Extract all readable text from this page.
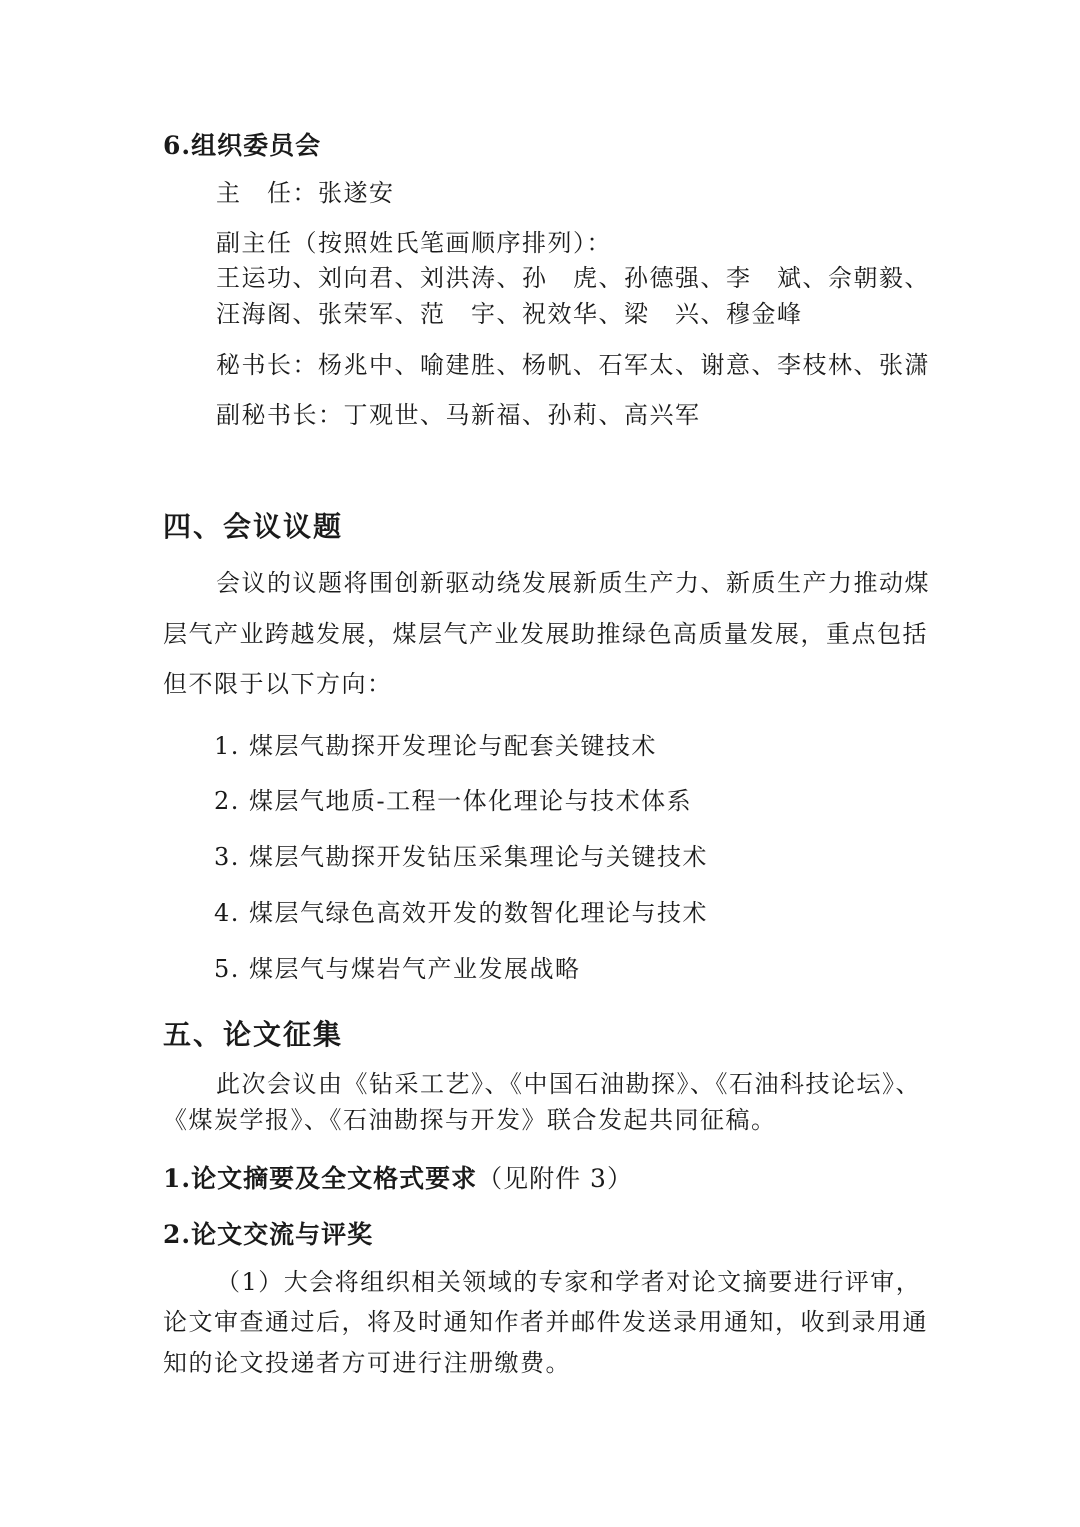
6.组织委员会
主　任：张遂安
副主任（按照姓氏笔画顺序排列）：
王运功、刘向君、刘洪涛、孙　虎、孙德强、李　斌、佘朝毅、
汪海阁、张荣军、范　宇、祝效华、梁　兴、穆金峰
秘书长：杨兆中、喻建胜、杨帆、石军太、谢意、李枝林、张潇
副秘书长：丁观世、马新福、孙莉、高兴军
四、会议议题
会议的议题将围创新驱动绕发展新质生产力、新质生产力推动煤
层气产业跨越发展，煤层气产业发展助推绿色高质量发展，重点包括
但不限于以下方向：
1. 煤层气勘探开发理论与配套关键技术
2. 煤层气地质-工程一体化理论与技术体系
3. 煤层气勘探开发钻压采集理论与关键技术
4. 煤层气绿色高效开发的数智化理论与技术
5. 煤层气与煤岩气产业发展战略
五、论文征集
此次会议由《钻采工艺》、《中国石油勘探》、《石油科技论坛》、
《煤炭学报》、《石油勘探与开发》联合发起共同征稿。
1.论文摘要及全文格式要求（见附件 3）
2.论文交流与评奖
（1）大会将组织相关领域的专家和学者对论文摘要进行评审，
论文审查通过后，将及时通知作者并邮件发送录用通知，收到录用通
知的论文投递者方可进行注册缴费。
